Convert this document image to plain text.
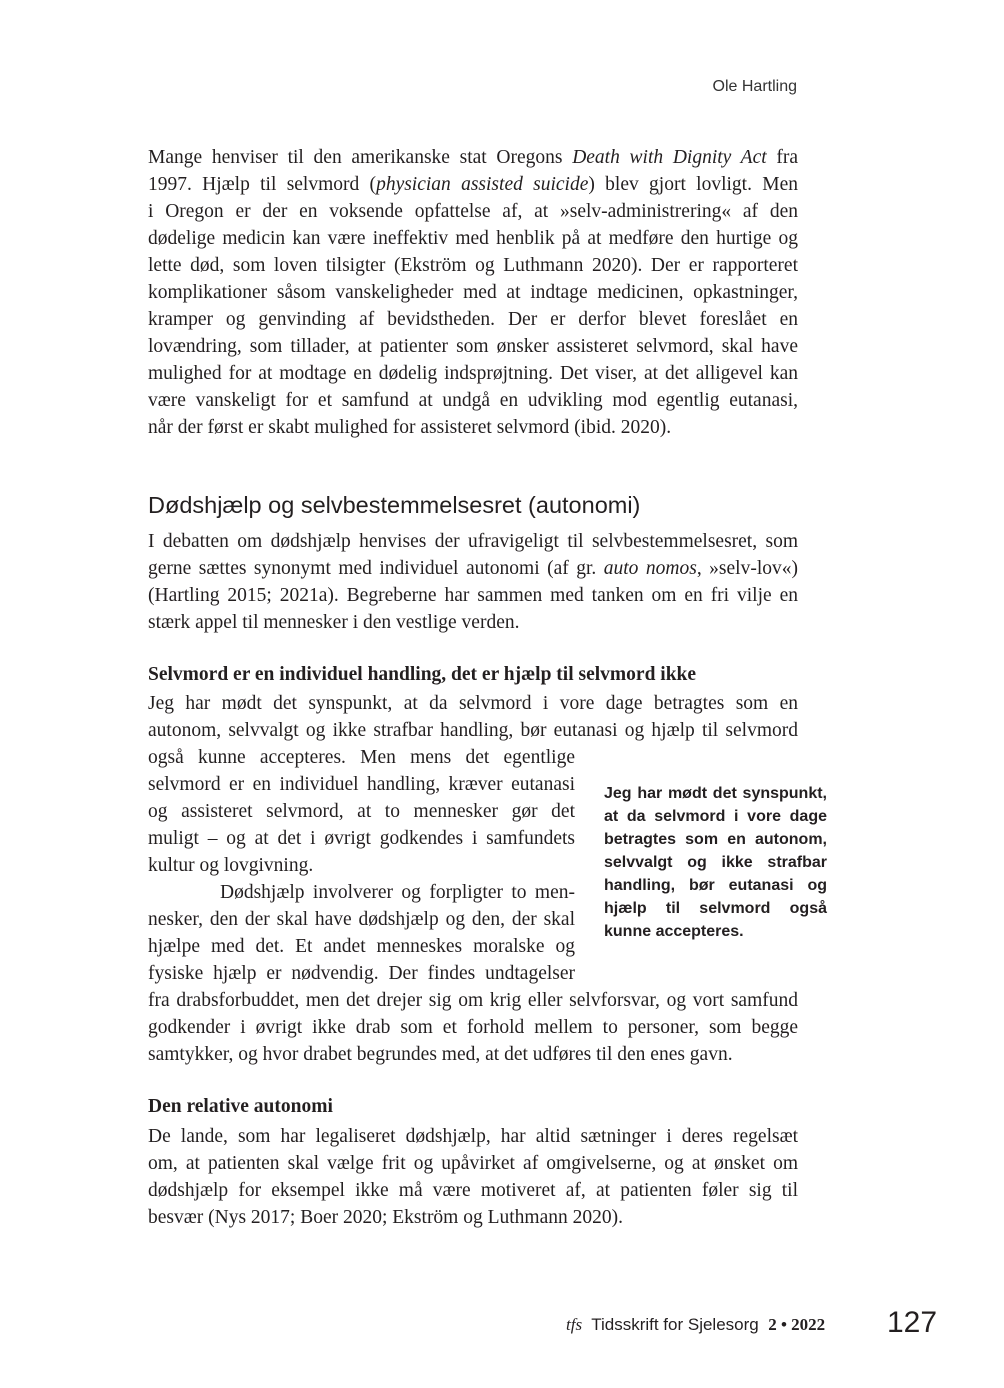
Ole Hartling
Mange henviser til den amerikanske stat Oregons Death with Dignity Act fra
1997. Hjælp til selvmord (physician assisted suicide) blev gjort lovligt. Men
i Oregon er der en voksende opfattelse af, at »selv-administrering« af den
dødelige medicin kan være ineffektiv med henblik på at medføre den hurtige og
lette død, som loven tilsigter (Ekström og Luthmann 2020). Der er rapporteret
komplikationer såsom vanskeligheder med at indtage medicinen, opkastninger,
kramper og genvinding af bevidstheden. Der er derfor blevet foreslået en
lovændring, som tillader, at patienter som ønsker assisteret selvmord, skal have
mulighed for at modtage en dødelig indsprøjtning. Det viser, at det alligevel kan
være vanskeligt for et samfund at undgå en udvikling mod egentlig eutanasi,
når der først er skabt mulighed for assisteret selvmord (ibid. 2020).
Dødshjælp og selvbestemmelsesret (autonomi)
I debatten om dødshjælp henvises der ufravigeligt til selvbestemmelsesret, som
gerne sættes synonymt med individuel autonomi (af gr. auto nomos, »selv-lov«)
(Hartling 2015; 2021a). Begreberne har sammen med tanken om en fri vilje en
stærk appel til mennesker i den vestlige verden.
Selvmord er en individuel handling, det er hjælp til selvmord ikke
Jeg har mødt det synspunkt, at da selvmord i vore dage betragtes som en
autonom, selvvalgt og ikke strafbar handling, bør eutanasi og hjælp til selvmord
også kunne accepteres. Men mens det egentlige
selvmord er en individuel handling, kræver eutanasi
og assisteret selvmord, at to mennesker gør det
muligt – og at det i øvrigt godkendes i samfundets
kultur og lovgivning.
Dødshjælp involverer og forpligter to men-
nesker, den der skal have dødshjælp og den, der skal
hjælpe med det. Et andet menneskes moralske og
fysiske hjælp er nødvendig. Der findes undtagelser
fra drabsforbuddet, men det drejer sig om krig eller selvforsvar, og vort samfund
godkender i øvrigt ikke drab som et forhold mellem to personer, som begge
samtykker, og hvor drabet begrundes med, at det udføres til den enes gavn.
Jeg har mødt det synspunkt,
at da selvmord i vore dage
betragtes som en autonom,
selvvalgt og ikke strafbar
handling, bør eutanasi og
hjælp til selvmord også
kunne accepteres.
Den relative autonomi
De lande, som har legaliseret dødshjælp, har altid sætninger i deres regelsæt
om, at patienten skal vælge frit og upåvirket af omgivelserne, og at ønsket om
dødshjælp for eksempel ikke må være motiveret af, at patienten føler sig til
besvær (Nys 2017; Boer 2020; Ekström og Luthmann 2020).
tfs Tidsskrift for Sjelesorg 2 • 2022 127
